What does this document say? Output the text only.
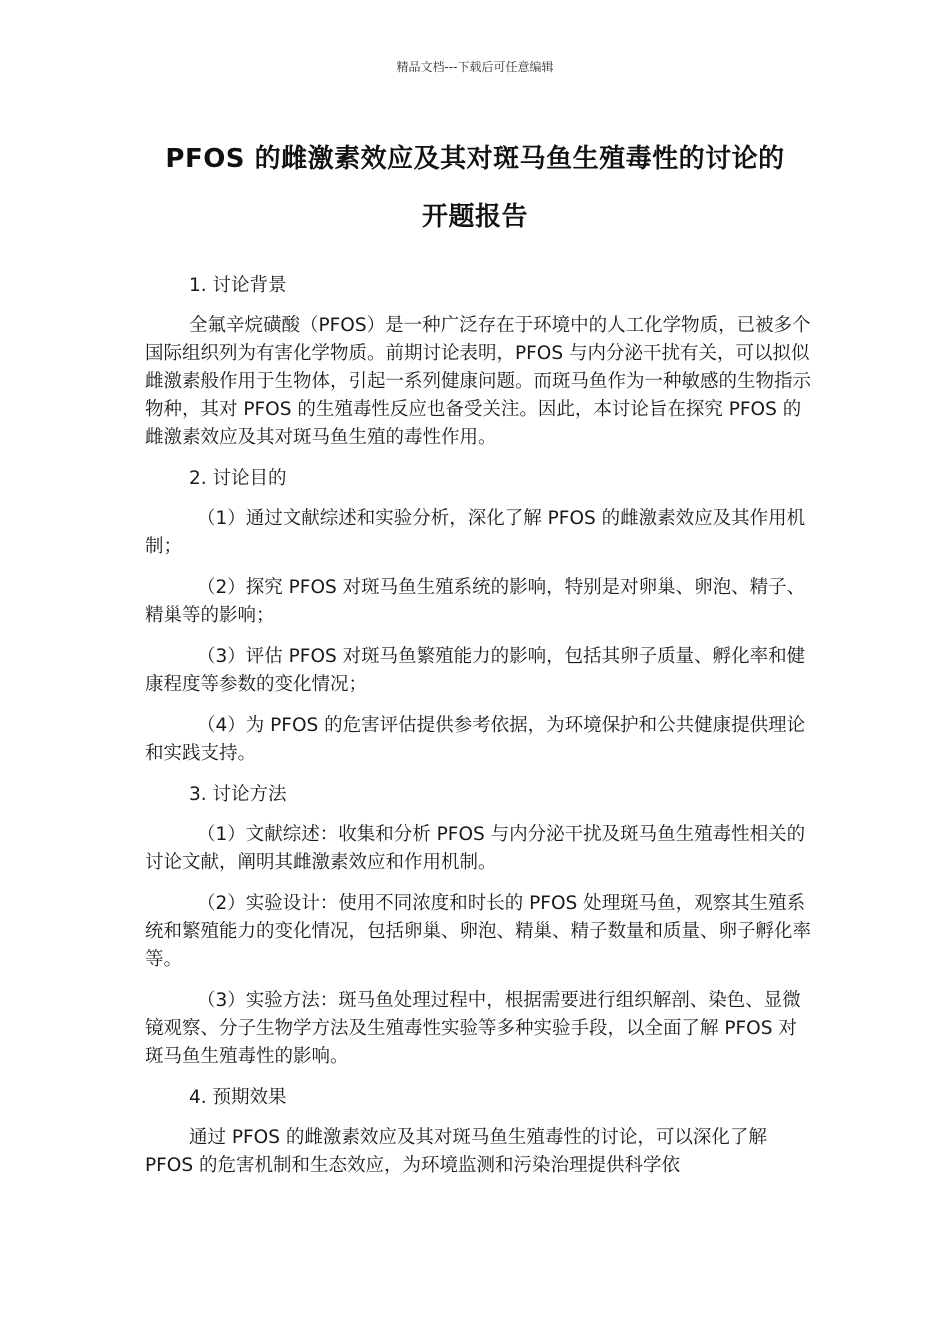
精品文档---下载后可任意编辑
PFOS 的雌激素效应及其对斑马鱼生殖毒性的讨论的
开题报告
1. 讨论背景
全氟辛烷磺酸（PFOS）是一种广泛存在于环境中的人工化学物质，已被多个国际组织列为有害化学物质。前期讨论表明，PFOS 与内分泌干扰有关，可以拟似雌激素般作用于生物体，引起一系列健康问题。而斑马鱼作为一种敏感的生物指示物种，其对 PFOS 的生殖毒性反应也备受关注。因此，本讨论旨在探究 PFOS 的雌激素效应及其对斑马鱼生殖的毒性作用。
2. 讨论目的
（1）通过文献综述和实验分析，深化了解 PFOS 的雌激素效应及其作用机制；
（2）探究 PFOS 对斑马鱼生殖系统的影响，特别是对卵巢、卵泡、精子、精巢等的影响；
（3）评估 PFOS 对斑马鱼繁殖能力的影响，包括其卵子质量、孵化率和健康程度等参数的变化情况；
（4）为 PFOS 的危害评估提供参考依据，为环境保护和公共健康提供理论和实践支持。
3. 讨论方法
（1）文献综述：收集和分析 PFOS 与内分泌干扰及斑马鱼生殖毒性相关的讨论文献，阐明其雌激素效应和作用机制。
（2）实验设计：使用不同浓度和时长的 PFOS 处理斑马鱼，观察其生殖系统和繁殖能力的变化情况，包括卵巢、卵泡、精巢、精子数量和质量、卵子孵化率等。
（3）实验方法：斑马鱼处理过程中，根据需要进行组织解剖、染色、显微镜观察、分子生物学方法及生殖毒性实验等多种实验手段，以全面了解 PFOS 对斑马鱼生殖毒性的影响。
4. 预期效果
通过 PFOS 的雌激素效应及其对斑马鱼生殖毒性的讨论，可以深化了解 PFOS 的危害机制和生态效应，为环境监测和污染治理提供科学依
